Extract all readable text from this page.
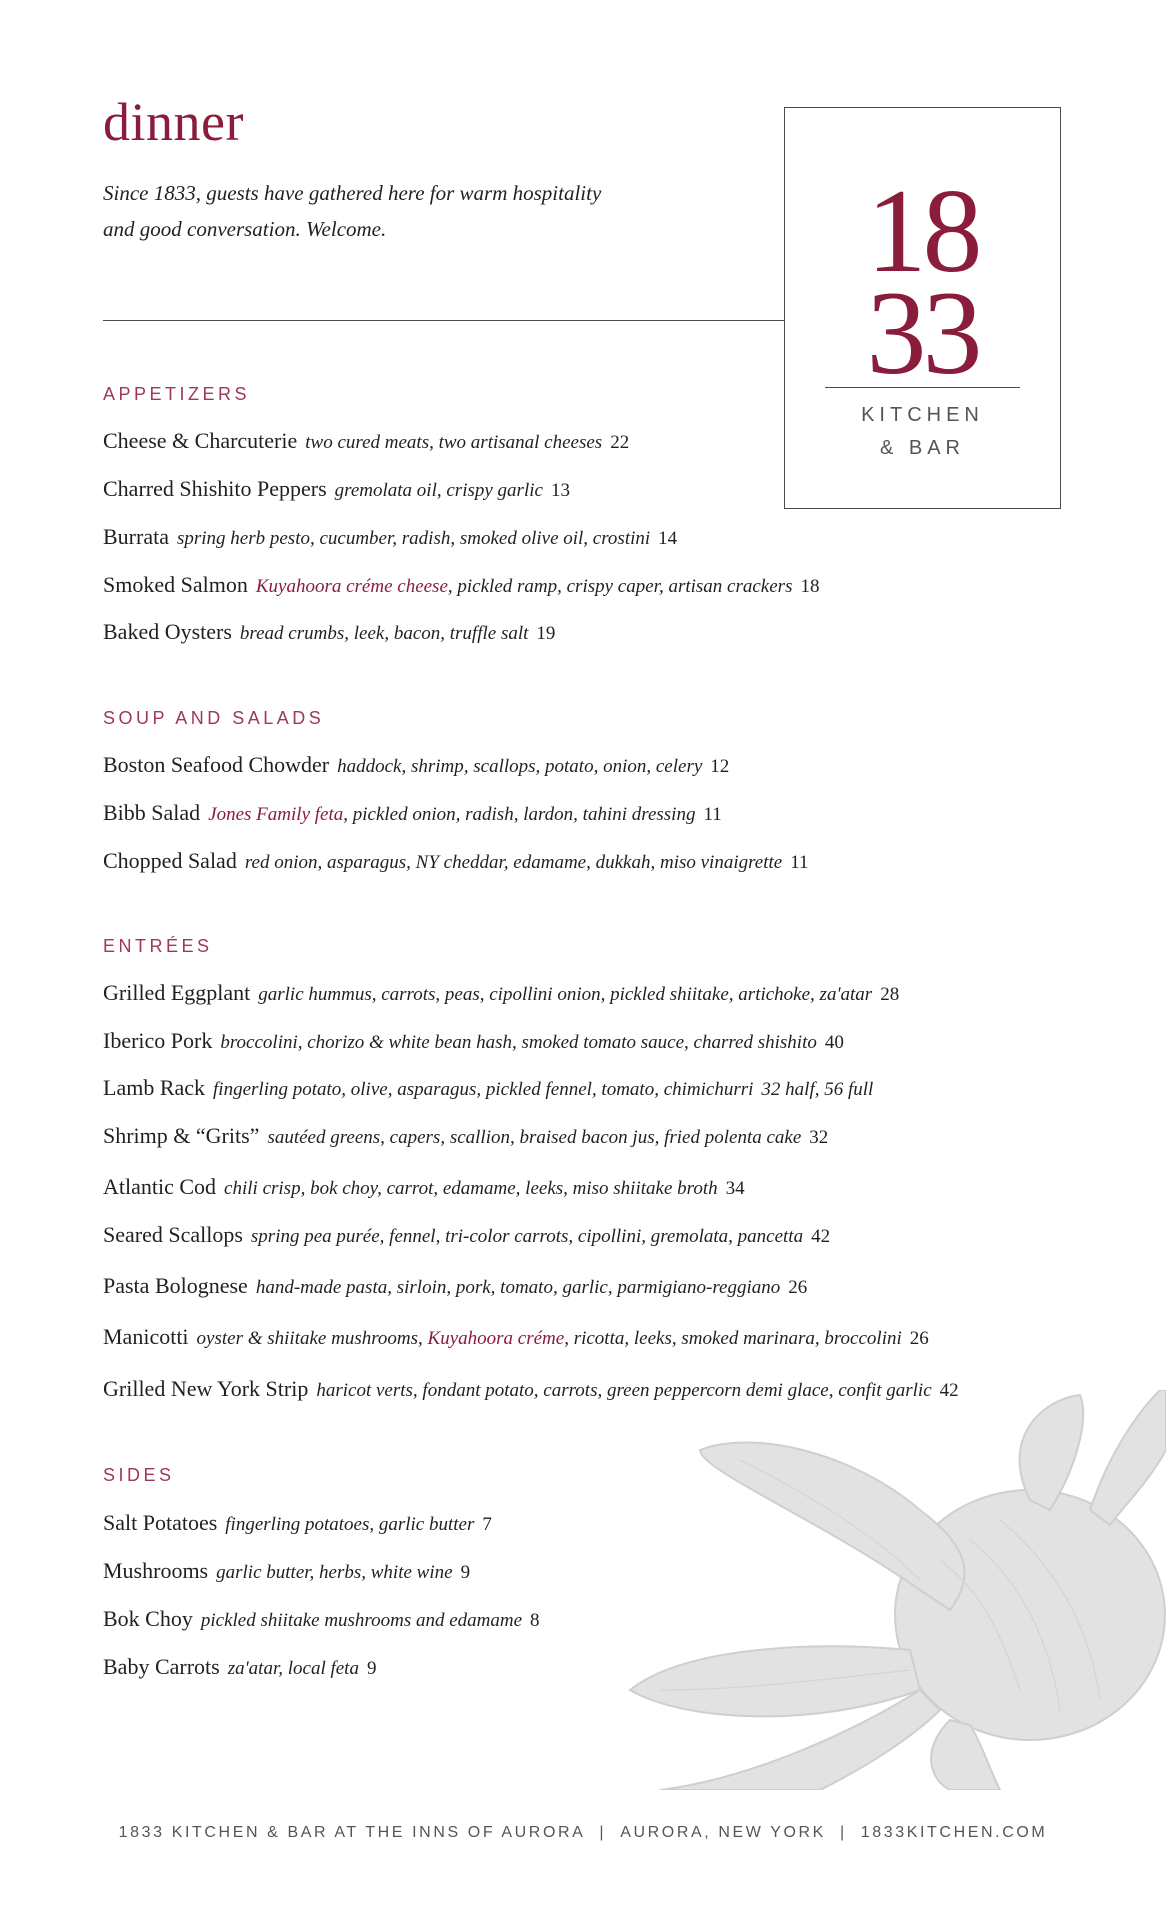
dinner
Since 1833, guests have gathered here for warm hospitality
and good conversation. Welcome.	18
33
KITCHEN
& BAR
APPETIZERS
Cheese & Charcuterie two cured meats, two artisanal cheeses 22
Charred Shishito Peppers gremolata oil, crispy garlic 13
Burrata spring herb pesto, cucumber, radish, smoked olive oil, crostini 14
Smoked Salmon Kuyahoora créme cheese, pickled ramp, crispy caper, artisan crackers 18
Baked Oysters bread crumbs, leek, bacon, truffle salt 19
SOUP AND SALADS
Boston Seafood Chowder haddock, shrimp, scallops, potato, onion, celery 12
Bibb Salad Jones Family feta, pickled onion, radish, lardon, tahini dressing 11
Chopped Salad red onion, asparagus, NY cheddar, edamame, dukkah, miso vinaigrette 11
ENTRÉES
Grilled Eggplant garlic hummus, carrots, peas, cipollini onion, pickled shiitake, artichoke, za'atar 28
Iberico Pork broccolini, chorizo & white bean hash, smoked tomato sauce, charred shishito 40
Lamb Rack fingerling potato, olive, asparagus, pickled fennel, tomato, chimichurri 32 half, 56 full
Shrimp & “Grits” sautéed greens, capers, scallion, braised bacon jus, fried polenta cake 32
Atlantic Cod chili crisp, bok choy, carrot, edamame, leeks, miso shiitake broth 34
Seared Scallops spring pea purée, fennel, tri-color carrots, cipollini, gremolata, pancetta 42
Pasta Bolognese hand-made pasta, sirloin, pork, tomato, garlic, parmigiano-reggiano 26
Manicotti oyster & shiitake mushrooms, Kuyahoora créme, ricotta, leeks, smoked marinara, broccolini 26
Grilled New York Strip haricot verts, fondant potato, carrots, green peppercorn demi glace, confit garlic 42
SIDES
Salt Potatoes fingerling potatoes, garlic butter 7
Mushrooms garlic butter, herbs, white wine 9
Bok Choy pickled shiitake mushrooms and edamame 8
Baby Carrots za'atar, local feta 9
1833 KITCHEN & BAR AT THE INNS OF AURORA | AURORA, NEW YORK | 1833KITCHEN.COM
